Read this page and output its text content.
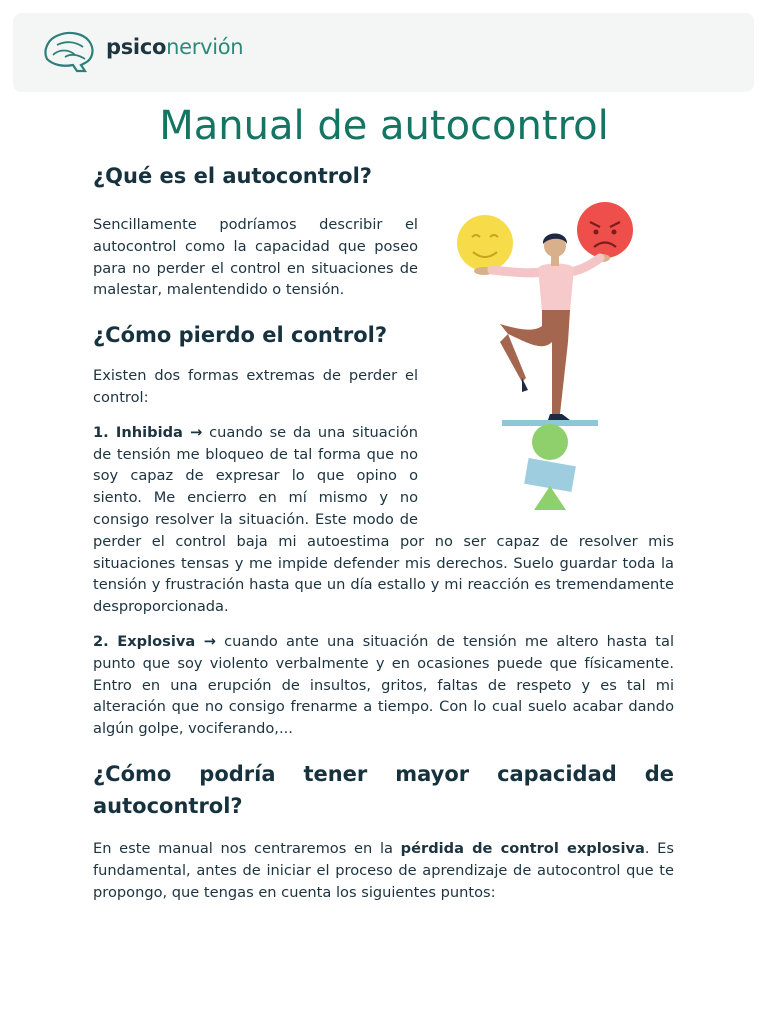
psiconervión
Manual de autocontrol
¿Qué es el autocontrol?

Sencillamente podríamos describir el autocontrol como la capacidad que poseo para no perder el control en situaciones de malestar, malentendido o tensión.

¿Cómo pierdo el control?

Existen dos formas extremas de perder el control:

1. Inhibida → cuando se da una situación de tensión me bloqueo de tal forma que no soy capaz de expresar lo que opino o siento. Me encierro en mí mismo y no consigo resolver la situación. Este modo de perder el control baja mi autoestima por no ser capaz de resolver mis situaciones tensas y me impide defender mis derechos. Suelo guardar toda la tensión y frustración hasta que un día estallo y mi reacción es tremendamente desproporcionada.

2. Explosiva → cuando ante una situación de tensión me altero hasta tal punto que soy violento verbalmente y en ocasiones puede que físicamente. Entro en una erupción de insultos, gritos, faltas de respeto y es tal mi alteración que no consigo frenarme a tiempo. Con lo cual suelo acabar dando algún golpe, vociferando,...

¿Cómo podría tener mayor capacidad de autocontrol?

En este manual nos centraremos en la pérdida de control explosiva. Es fundamental, antes de iniciar el proceso de aprendizaje de autocontrol que te propongo, que tengas en cuenta los siguientes puntos:
